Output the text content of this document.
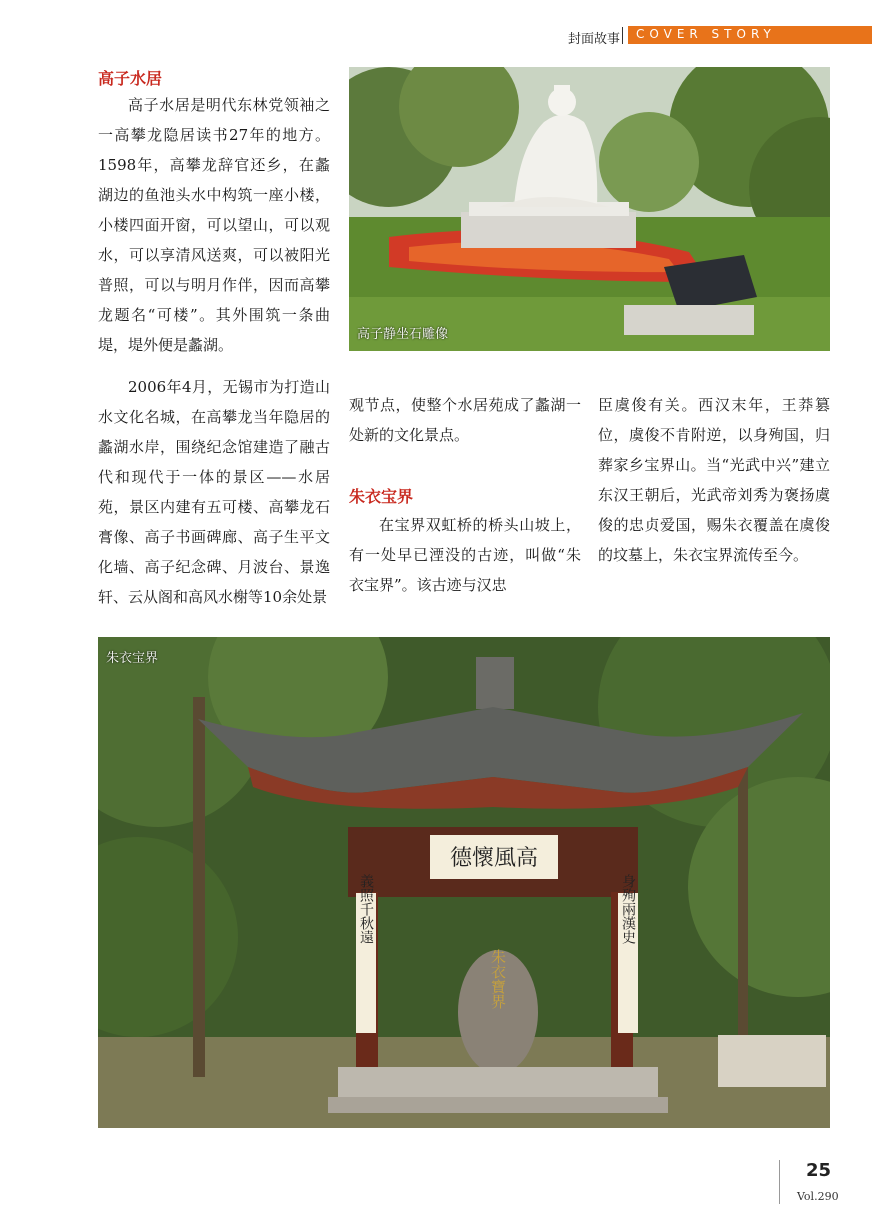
封面故事 COVER STORY
高子水居

高子水居是明代东林党领袖之一高攀龙隐居读书27年的地方。1598年，高攀龙辞官还乡，在蠡湖边的鱼池头水中构筑一座小楼，小楼四面开窗，可以望山，可以观水，可以享清风送爽，可以被阳光普照，可以与明月作伴，因而高攀龙题名“可楼”。其外围筑一条曲堤，堤外便是蠡湖。

2006年4月，无锡市为打造山水文化名城，在高攀龙当年隐居的蠡湖水岸，围绕纪念馆建造了融古代和现代于一体的景区——水居苑，景区内建有五可楼、高攀龙石膏像、高子书画碑廊、高子生平文化墙、高子纪念碑、月波台、景逸轩、云从阁和高风水榭等10余处景

高子静坐石雕像

观节点，使整个水居苑成了蠡湖一处新的文化景点。

朱衣宝界

在宝界双虹桥的桥头山坡上，有一处早已湮没的古迹，叫做“朱衣宝界”。该古迹与汉忠

臣虞俊有关。西汉末年，王莽篡位，虞俊不肯附逆，以身殉国，归葬家乡宝界山。当“光武中兴”建立东汉王朝后，光武帝刘秀为褒扬虞俊的忠贞爱国，赐朱衣覆盖在虞俊的坟墓上，朱衣宝界流传至今。

德懷風高
義照千秋遠	身殉兩漢史
朱衣寶界
朱衣宝界
25
Vol.290
